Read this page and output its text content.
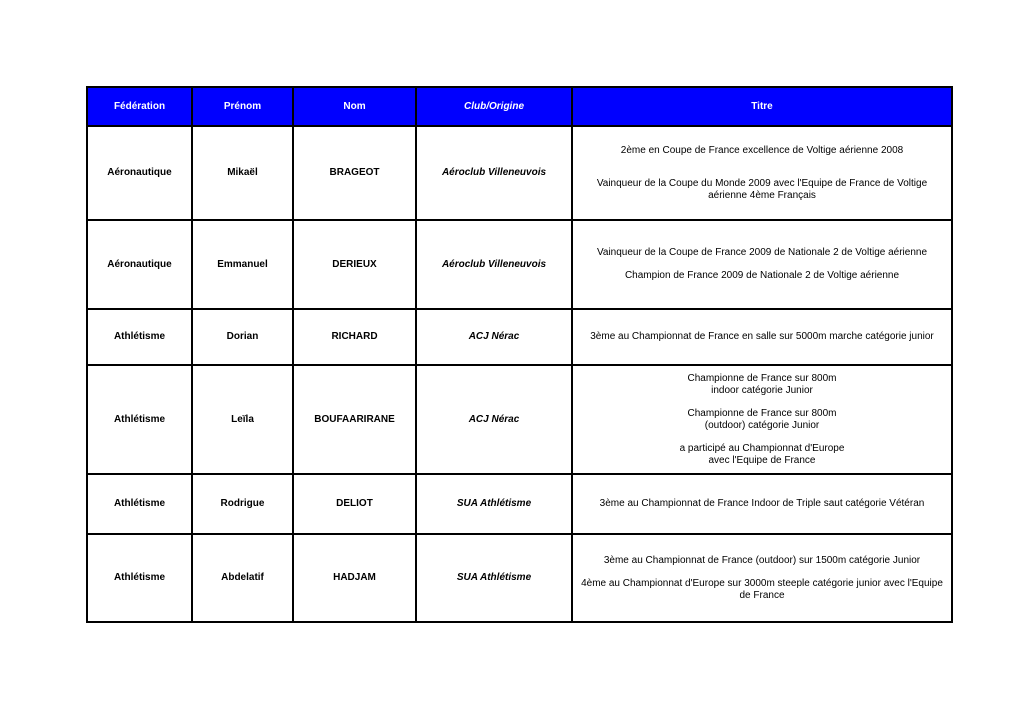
Fédération	Prénom	Nom	Club/Origine	Titre
Aéronautique	Mikaël	BRAGEOT	Aéroclub Villeneuvois	2ème en Coupe de France excellence de Voltige aérienne 2008
Vainqueur de la Coupe du Monde 2009 avec l'Equipe de France de Voltige aérienne 4ème Français

Aéronautique	Emmanuel	DERIEUX	Aéroclub Villeneuvois	Vainqueur de la Coupe de France 2009 de Nationale 2 de Voltige aérienne
Champion de France 2009 de Nationale 2 de Voltige aérienne

Athlétisme	Dorian	RICHARD	ACJ Nérac	3ème au Championnat de France en salle sur 5000m marche catégorie junior

Athlétisme	Leïla	BOUFAARIRANE	ACJ Nérac	Championne de France sur 800m indoor catégorie Junior
Championne de France sur 800m (outdoor) catégorie Junior
a participé au Championnat d'Europe avec l'Equipe de France

Athlétisme	Rodrigue	DELIOT	SUA Athlétisme	3ème au Championnat de France Indoor de Triple saut catégorie Vétéran

Athlétisme	Abdelatif	HADJAM	SUA Athlétisme	3ème au Championnat de France (outdoor) sur 1500m catégorie Junior
4ème au Championnat d'Europe sur 3000m steeple catégorie junior avec l'Equipe de France
